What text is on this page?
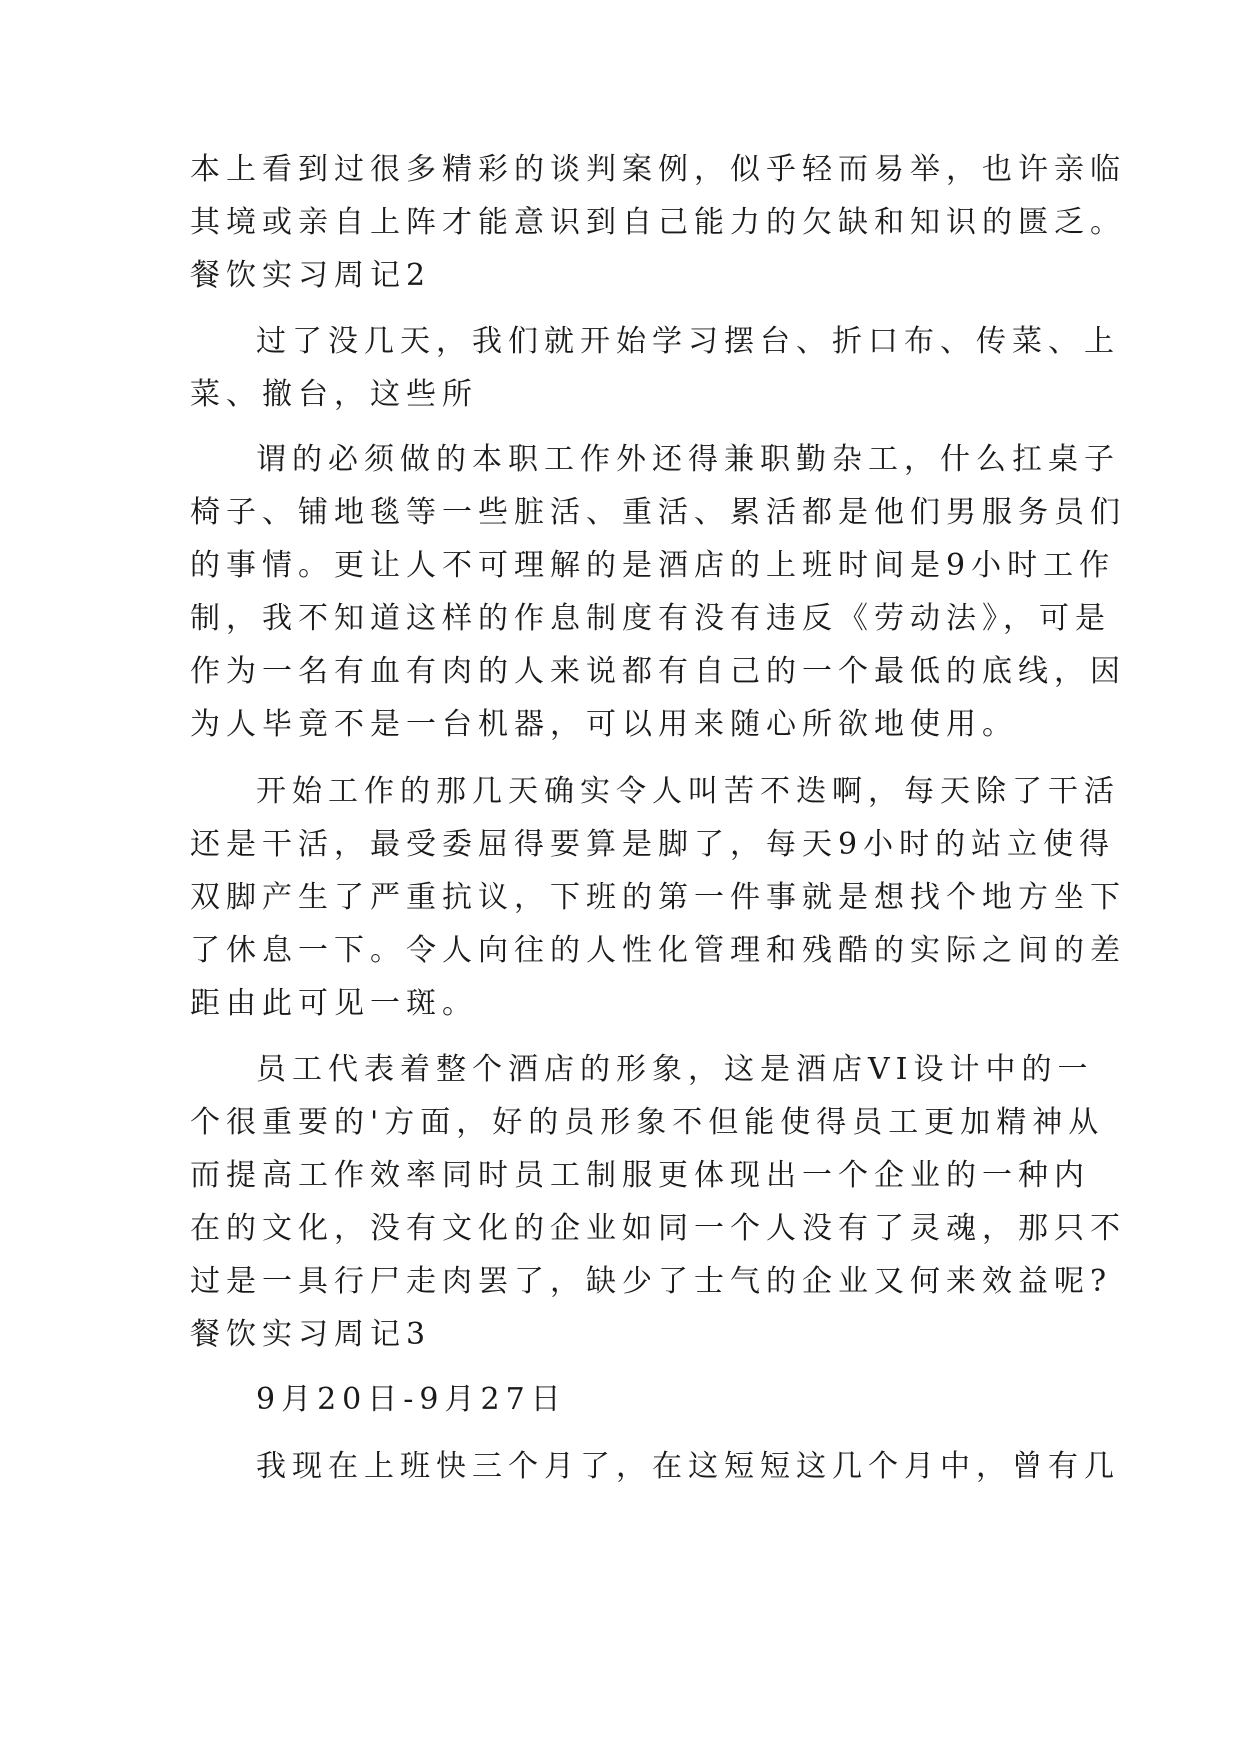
本上看到过很多精彩的谈判案例，似乎轻而易举，也许亲临
其境或亲自上阵才能意识到自己能力的欠缺和知识的匮乏。
餐饮实习周记2
过了没几天，我们就开始学习摆台、折口布、传菜、上
菜、撤台，这些所
谓的必须做的本职工作外还得兼职勤杂工，什么扛桌子
椅子、铺地毯等一些脏活、重活、累活都是他们男服务员们
的事情。更让人不可理解的是酒店的上班时间是9小时工作
制，我不知道这样的作息制度有没有违反《劳动法》，可是
作为一名有血有肉的人来说都有自己的一个最低的底线，因
为人毕竟不是一台机器，可以用来随心所欲地使用。
开始工作的那几天确实令人叫苦不迭啊，每天除了干活
还是干活，最受委屈得要算是脚了，每天9小时的站立使得
双脚产生了严重抗议，下班的第一件事就是想找个地方坐下
了休息一下。令人向往的人性化管理和残酷的实际之间的差
距由此可见一斑。
员工代表着整个酒店的形象，这是酒店VI设计中的一
个很重要的'方面，好的员形象不但能使得员工更加精神从
而提高工作效率同时员工制服更体现出一个企业的一种内
在的文化，没有文化的企业如同一个人没有了灵魂，那只不
过是一具行尸走肉罢了，缺少了士气的企业又何来效益呢?
餐饮实习周记3
9月20日-9月27日
我现在上班快三个月了，在这短短这几个月中，曾有几
